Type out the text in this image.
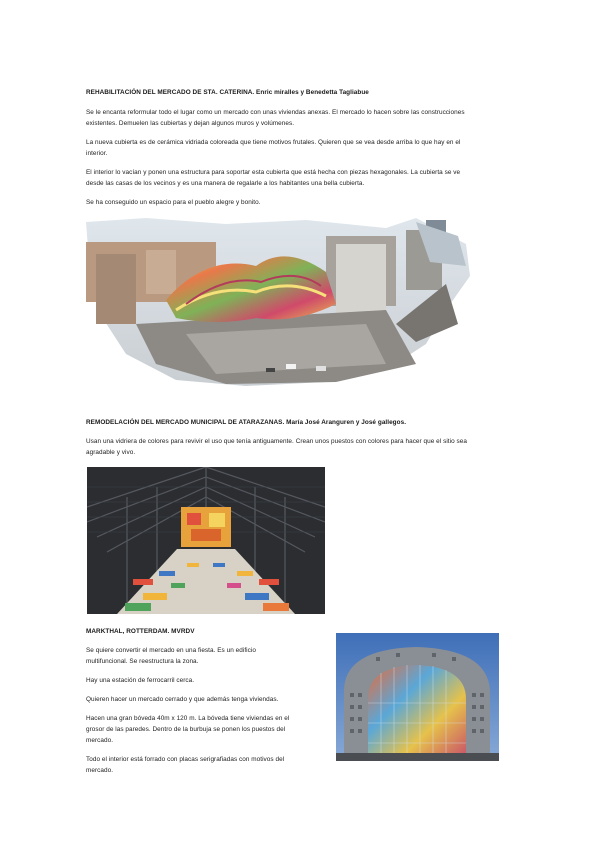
REHABILITACIÓN DEL MERCADO DE STA. CATERINA. Enric miralles y Benedetta Tagliabue

Se le encanta reformular todo el lugar como un mercado con unas viviendas anexas. El mercado lo hacen sobre las construcciones

existentes. Demuelen las cubiertas y dejan algunos muros y volúmenes.

La nueva cubierta es de cerámica vidriada coloreada que tiene motivos frutales. Quieren que se vea desde arriba lo que hay en el

interior.

El interior lo vacían y ponen una estructura para soportar esta cubierta que está hecha con piezas hexagonales. La cubierta se ve

desde las casas de los vecinos y es una manera de regalarle a los habitantes una bella cubierta.

Se ha conseguido un espacio para el pueblo alegre y bonito.

REMODELACIÓN DEL MERCADO MUNICIPAL DE ATARAZANAS. María José Aranguren y José gallegos.

Usan una vidriera de colores para revivir el uso que tenía antiguamente. Crean unos puestos con colores para hacer que el sitio sea

agradable y vivo.

MARKTHAL, ROTTERDAM. MVRDV

Se quiere convertir el mercado en una fiesta. Es un edificio

multifuncional. Se reestructura la zona.

Hay una estación de ferrocarril cerca.

Quieren hacer un mercado cerrado y que además tenga viviendas.

Hacen una gran bóveda 40m x 120 m. La bóveda tiene viviendas en el

grosor de las paredes. Dentro de la burbuja se ponen los puestos del

mercado.

Todo el interior está forrado con placas serigrafiadas con motivos del

mercado.
